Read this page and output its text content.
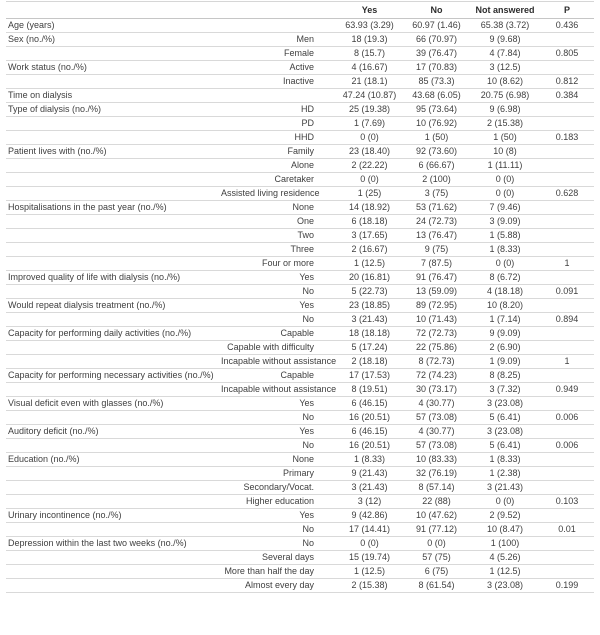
		Yes	No	Not answered	P
Age (years)		63.93 (3.29)	60.97 (1.46)	65.38 (3.72)	0.436
Sex (no./%)	Men	18 (19.3)	66 (70.97)	9 (9.68)	
	Female	8 (15.7)	39 (76.47)	4 (7.84)	0.805
Work status (no./%)	Active	4 (16.67)	17 (70.83)	3 (12.5)	
	Inactive	21 (18.1)	85 (73.3)	10 (8.62)	0.812
Time on dialysis		47.24 (10.87)	43.68 (6.05)	20.75 (6.98)	0.384
Type of dialysis (no./%)	HD	25 (19.38)	95 (73.64)	9 (6.98)	
	PD	1 (7.69)	10 (76.92)	2 (15.38)	
	HHD	0 (0)	1 (50)	1 (50)	0.183
Patient lives with (no./%)	Family	23 (18.40)	92 (73.60)	10 (8)	
	Alone	2 (22.22)	6 (66.67)	1 (11.11)	
	Caretaker	0 (0)	2 (100)	0 (0)	
	Assisted living residence	1 (25)	3 (75)	0 (0)	0.628
Hospitalisations in the past year (no./%)	None	14 (18.92)	53 (71.62)	7 (9.46)	
	One	6 (18.18)	24 (72.73)	3 (9.09)	
	Two	3 (17.65)	13 (76.47)	1 (5.88)	
	Three	2 (16.67)	9 (75)	1 (8.33)	
	Four or more	1 (12.5)	7 (87.5)	0 (0)	1
Improved quality of life with dialysis (no./%)	Yes	20 (16.81)	91 (76.47)	8 (6.72)	
	No	5 (22.73)	13 (59.09)	4 (18.18)	0.091
Would repeat dialysis treatment (no./%)	Yes	23 (18.85)	89 (72.95)	10 (8.20)	
	No	3 (21.43)	10 (71.43)	1 (7.14)	0.894
Capacity for performing daily activities (no./%)	Capable	18 (18.18)	72 (72.73)	9 (9.09)	
	Capable with difficulty	5 (17.24)	22 (75.86)	2 (6.90)	
	Incapable without assistance	2 (18.18)	8 (72.73)	1 (9.09)	1
Capacity for performing necessary activities (no./%)	Capable	17 (17.53)	72 (74.23)	8 (8.25)	
	Incapable without assistance	8 (19.51)	30 (73.17)	3 (7.32)	0.949
Visual deficit even with glasses (no./%)	Yes	6 (46.15)	4 (30.77)	3 (23.08)	
	No	16 (20.51)	57 (73.08)	5 (6.41)	0.006
Auditory deficit (no./%)	Yes	6 (46.15)	4 (30.77)	3 (23.08)	
	No	16 (20.51)	57 (73.08)	5 (6.41)	0.006
Education (no./%)	None	1 (8.33)	10 (83.33)	1 (8.33)	
	Primary	9 (21.43)	32 (76.19)	1 (2.38)	
	Secondary/Vocat.	3 (21.43)	8 (57.14)	3 (21.43)	
	Higher education	3 (12)	22 (88)	0 (0)	0.103
Urinary incontinence (no./%)	Yes	9 (42.86)	10 (47.62)	2 (9.52)	
	No	17 (14.41)	91 (77.12)	10 (8.47)	0.01
Depression within the last two weeks (no./%)	No	0 (0)	0 (0)	1 (100)	
	Several days	15 (19.74)	57 (75)	4 (5.26)	
	More than half the day	1 (12.5)	6 (75)	1 (12.5)	
	Almost every day	2 (15.38)	8 (61.54)	3 (23.08)	0.199
